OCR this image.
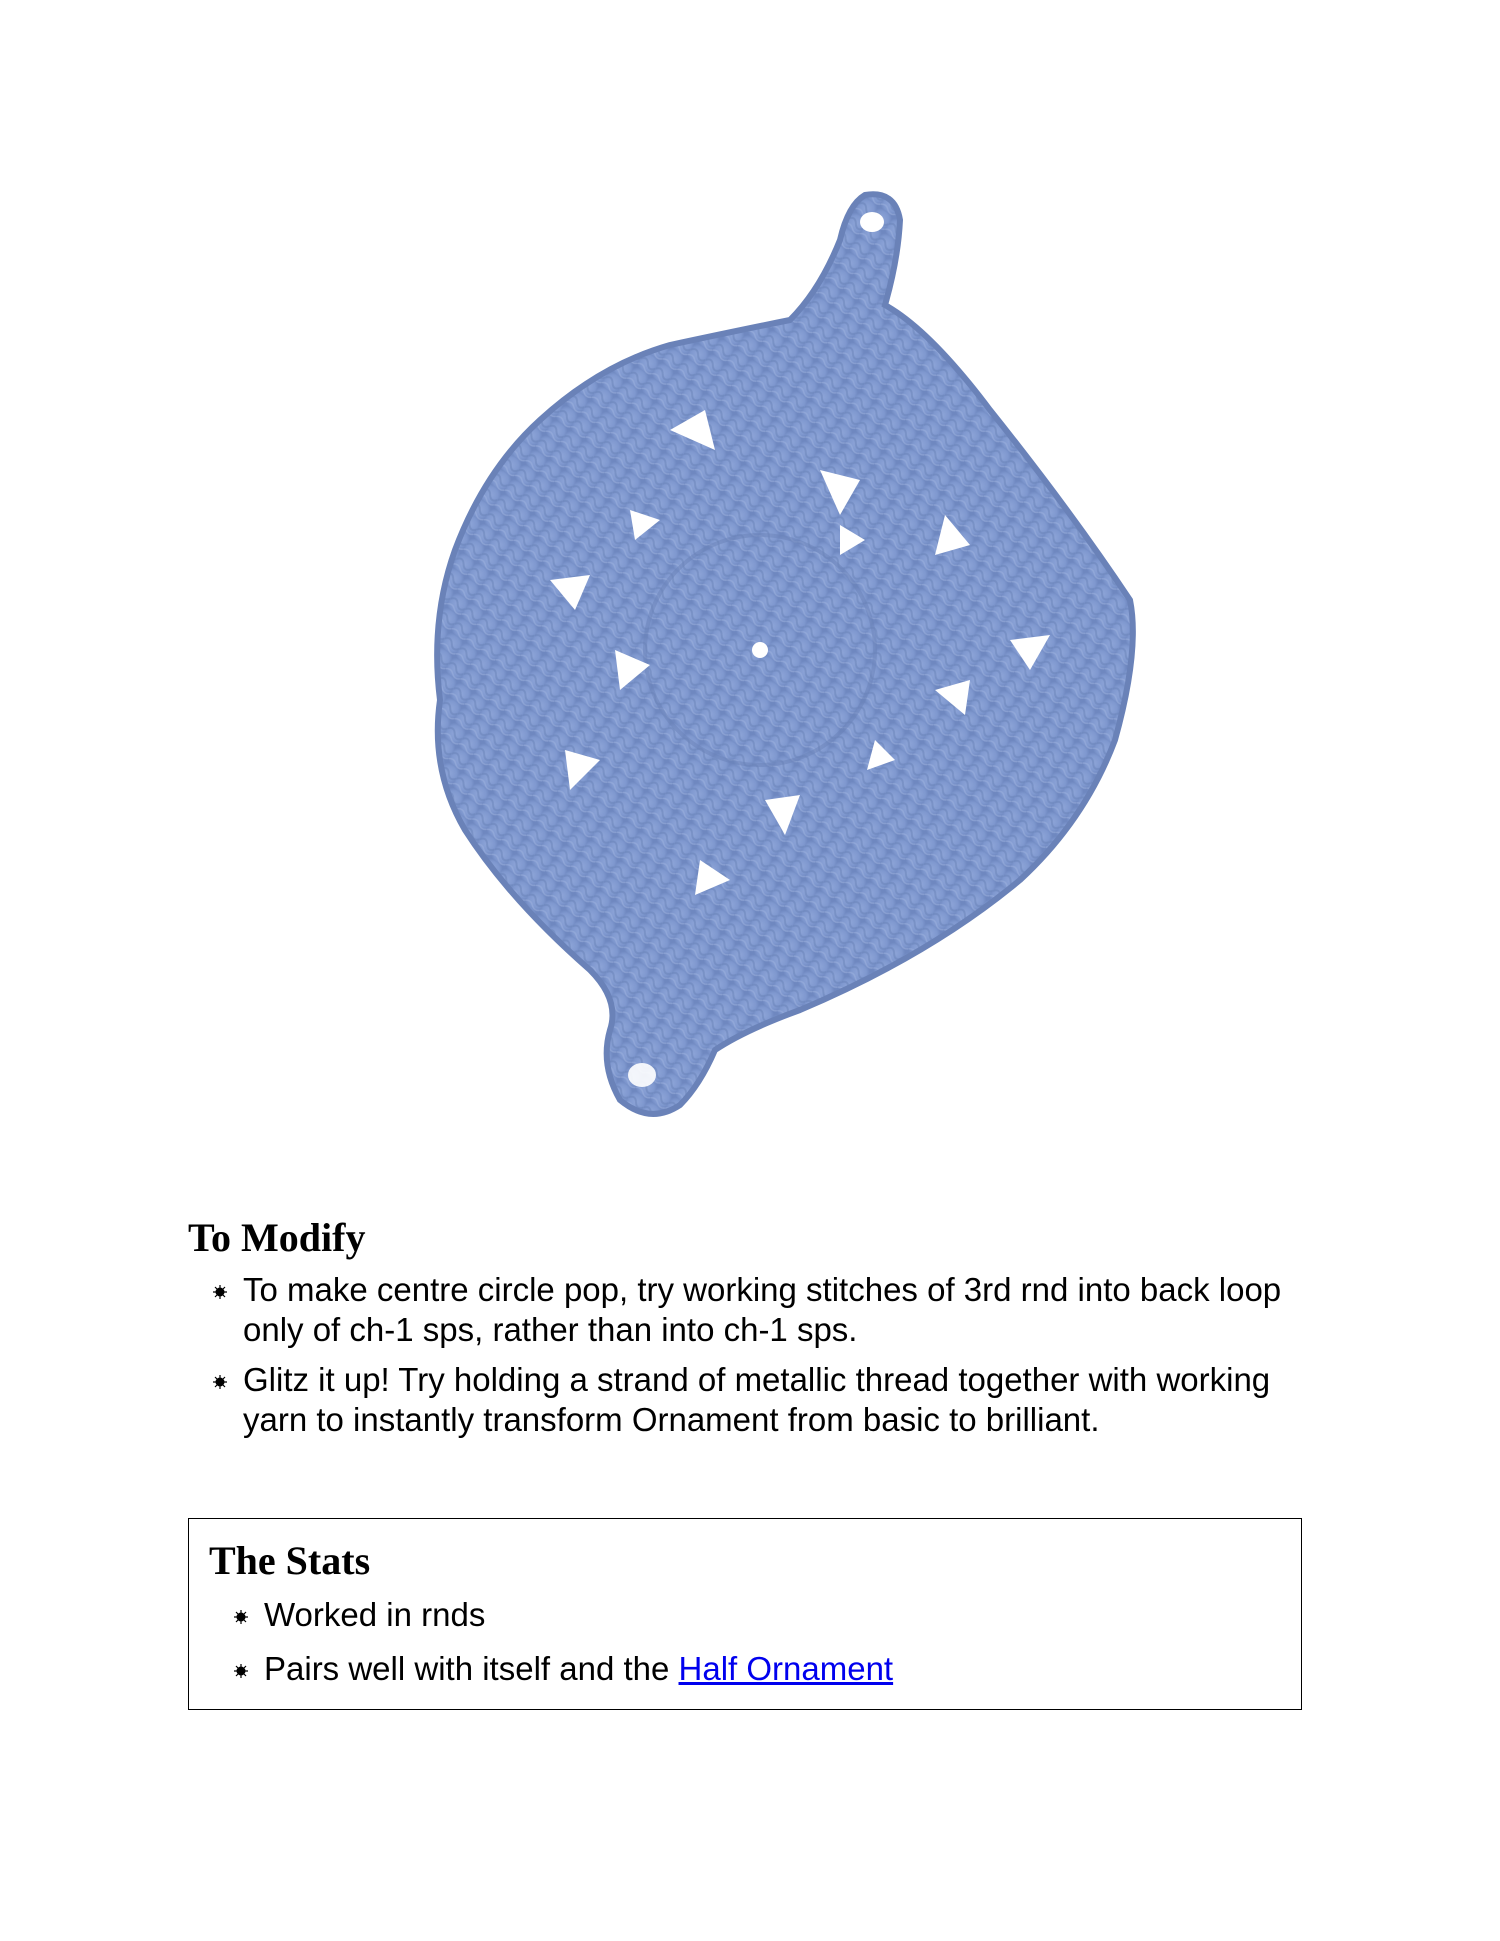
To Modify
To make centre circle pop, try working stitches of 3rd rnd into back loop only of ch-1 sps, rather than into ch-1 sps.
Glitz it up! Try holding a strand of metallic thread together with working yarn to instantly transform Ornament from basic to brilliant.
The Stats
Worked in rnds
Pairs well with itself and the Half Ornament
